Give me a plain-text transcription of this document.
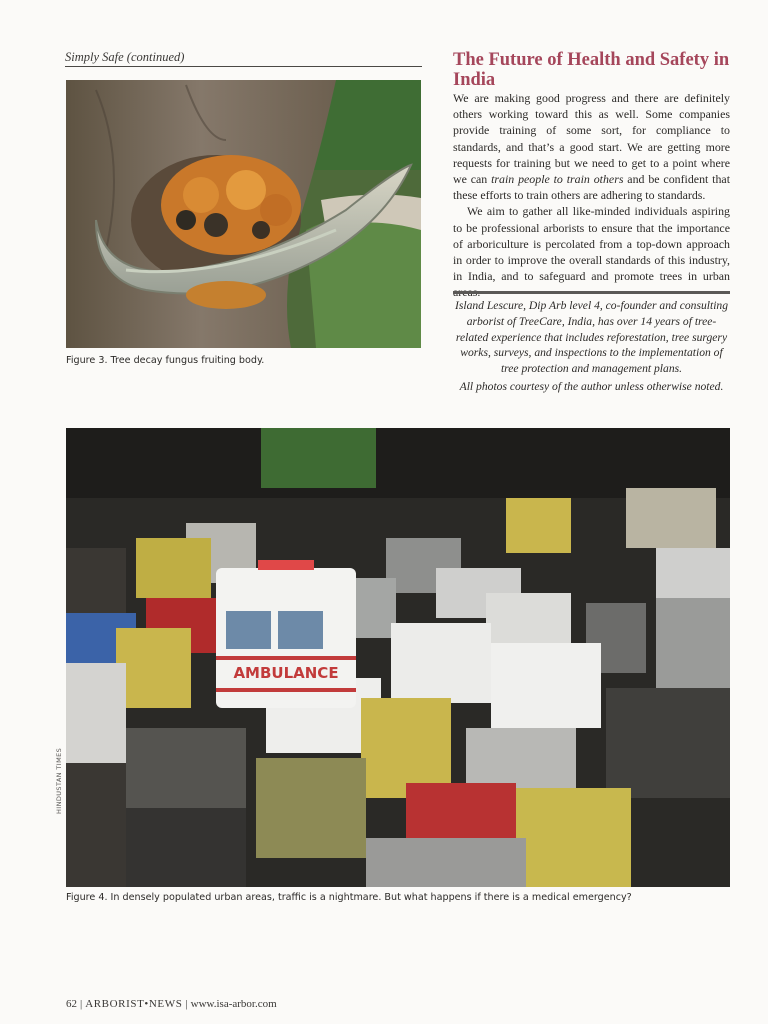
Simply Safe (continued)
Figure 3. Tree decay fungus fruiting body.
The Future of Health and Safety in India

We are making good progress and there are definitely others working toward this as well. Some companies provide training of some sort, for compliance to standards, and that’s a good start. We are getting more requests for training but we need to get to a point where we can train people to train others and be confident that these efforts to train others are adhering to standards.

We aim to gather all like-minded individuals aspiring to be professional arborists to ensure that the importance of arboriculture is percolated from a top-down approach in order to improve the overall standards of this industry, in India, and to safeguard and promote trees in urban

Island Lescure, Dip Arb level 4, co-founder and consulting arborist of TreeCare, India, has over 14 years of tree-related experience that includes reforestation, tree surgery works, surveys, and inspections to the implementation of tree protection and management plans.

All photos courtesy of the author unless otherwise noted.

AMBULANCE
HINDUSTAN TIMES
Figure 4. In densely populated urban areas, traffic is a nightmare. But what happens if there is a medical emergency?
62 | ARBORIST•NEWS | www.isa-arbor.com
